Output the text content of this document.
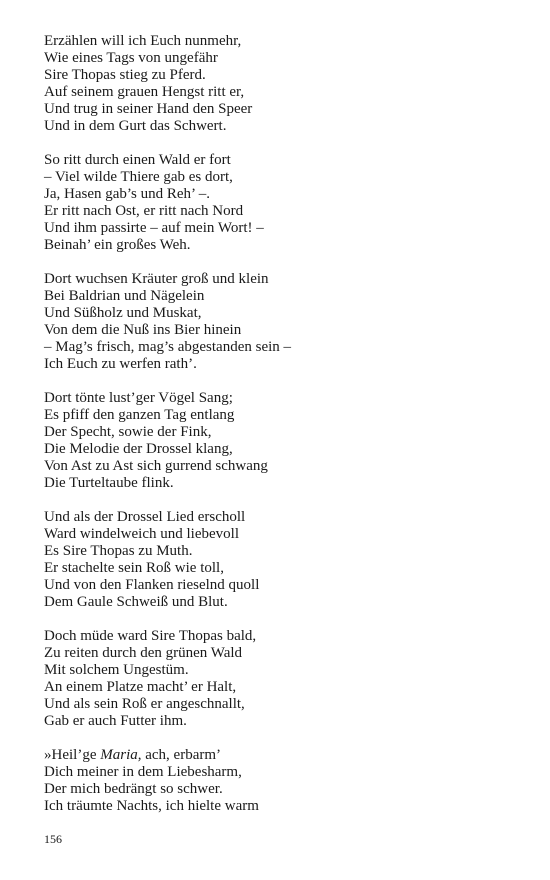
Erzählen will ich Euch nunmehr,
Wie eines Tags von ungefähr
Sire Thopas stieg zu Pferd.
Auf seinem grauen Hengst ritt er,
Und trug in seiner Hand den Speer
Und in dem Gurt das Schwert.
So ritt durch einen Wald er fort
– Viel wilde Thiere gab es dort,
Ja, Hasen gab’s und Reh’ –.
Er ritt nach Ost, er ritt nach Nord
Und ihm passirte – auf mein Wort! –
Beinah’ ein großes Weh.
Dort wuchsen Kräuter groß und klein
Bei Baldrian und Nägelein
Und Süßholz und Muskat,
Von dem die Nuß ins Bier hinein
– Mag’s frisch, mag’s abgestanden sein –
Ich Euch zu werfen rath’.
Dort tönte lust’ger Vögel Sang;
Es pfiff den ganzen Tag entlang
Der Specht, sowie der Fink,
Die Melodie der Drossel klang,
Von Ast zu Ast sich gurrend schwang
Die Turteltaube flink.
Und als der Drossel Lied erscholl
Ward windelweich und liebevoll
Es Sire Thopas zu Muth.
Er stachelte sein Roß wie toll,
Und von den Flanken rieselnd quoll
Dem Gaule Schweiß und Blut.
Doch müde ward Sire Thopas bald,
Zu reiten durch den grünen Wald
Mit solchem Ungestüm.
An einem Platze macht’ er Halt,
Und als sein Roß er angeschnallt,
Gab er auch Futter ihm.
»Heil’ge Maria, ach, erbarm’
Dich meiner in dem Liebesharm,
Der mich bedrängt so schwer.
Ich träumte Nachts, ich hielte warm
156
